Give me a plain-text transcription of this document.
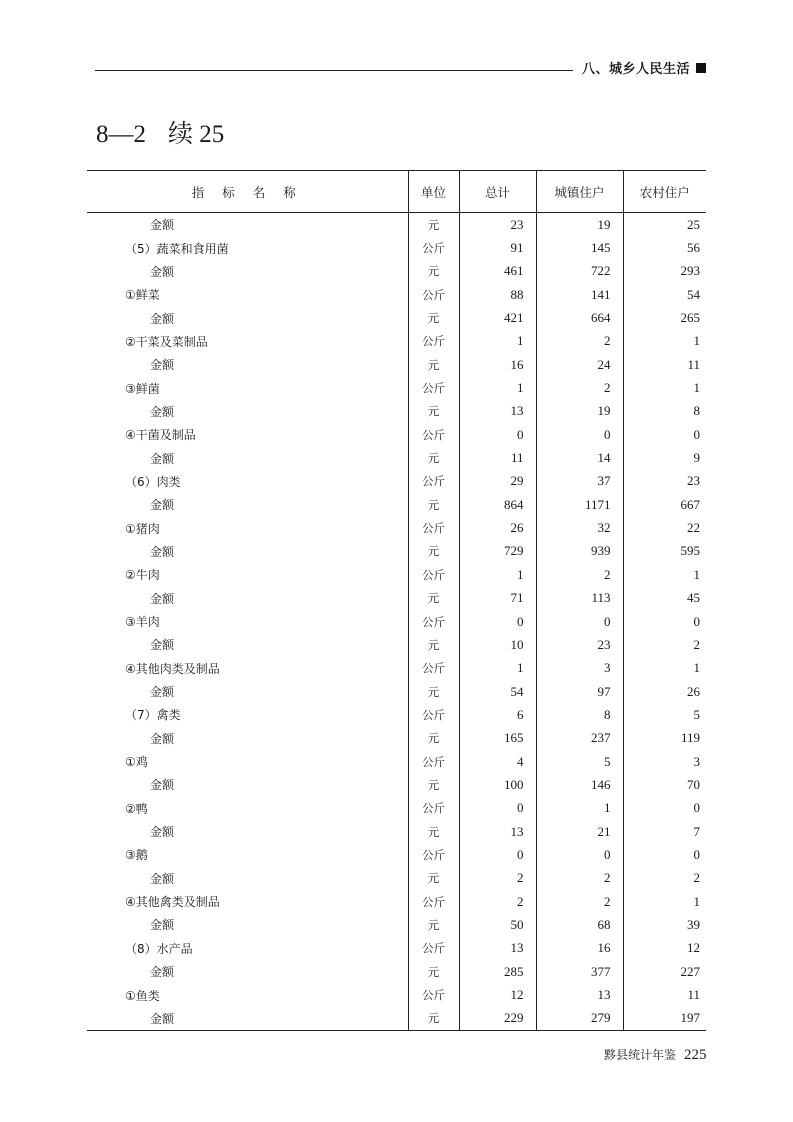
八、城乡人民生活
8—2 续 25
指 标 名 称	单位	总计	城镇住户	农村住户
金额	元	23	19	25
（5）蔬菜和食用菌	公斤	91	145	56
金额	元	461	722	293
①鲜菜	公斤	88	141	54
金额	元	421	664	265
②干菜及菜制品	公斤	1	2	1
金额	元	16	24	11
③鲜菌	公斤	1	2	1
金额	元	13	19	8
④干菌及制品	公斤	0	0	0
金额	元	11	14	9
（6）肉类	公斤	29	37	23
金额	元	864	1171	667
①猪肉	公斤	26	32	22
金额	元	729	939	595
②牛肉	公斤	1	2	1
金额	元	71	113	45
③羊肉	公斤	0	0	0
金额	元	10	23	2
④其他肉类及制品	公斤	1	3	1
金额	元	54	97	26
（7）禽类	公斤	6	8	5
金额	元	165	237	119
①鸡	公斤	4	5	3
金额	元	100	146	70
②鸭	公斤	0	1	0
金额	元	13	21	7
③鹅	公斤	0	0	0
金额	元	2	2	2
④其他禽类及制品	公斤	2	2	1
金额	元	50	68	39
（8）水产品	公斤	13	16	12
金额	元	285	377	227
①鱼类	公斤	12	13	11
金额	元	229	279	197
黟县统计年鉴 225
